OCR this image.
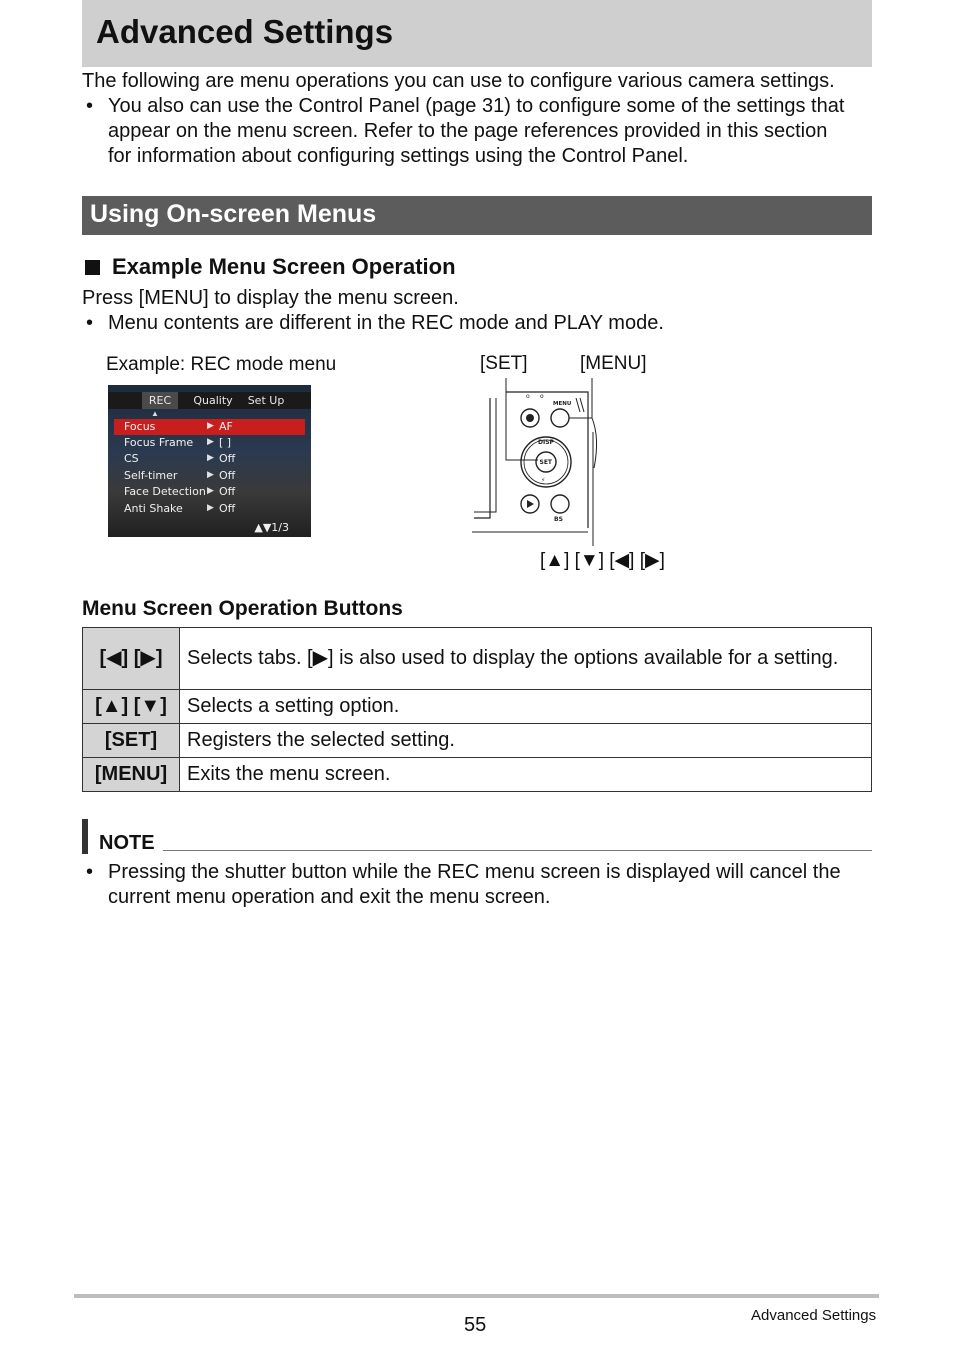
Advanced Settings
The following are menu operations you can use to configure various camera settings.
• You also can use the Control Panel (page 31) to configure some of the settings that
appear on the menu screen. Refer to the page references provided in this section
for information about configuring settings using the Control Panel.
Using On-screen Menus
Example Menu Screen Operation
Press [MENU] to display the menu screen.
• Menu contents are different in the REC mode and PLAY mode.
Example: REC mode menu	[SET]	[MENU]
[▲] [▼] [◀] [▶]
REC	Quality	Set Up
▲
Focus	▶ AF
Focus Frame ▶ [ ]
CS	▶ Off
Self-timer	▶ Off
Face Detection ▶ Off
Anti Shake	▶ Off
▲▼1/3
o o
MENU
DISP
SET
⚡
BS
Menu Screen Operation Buttons
[◀] [▶]	Selects tabs. [▶] is also used to display the options available for a setting.
[▲] [▼]	Selects a setting option.
[SET]	Registers the selected setting.
[MENU]	Exits the menu screen.
NOTE
• Pressing the shutter button while the REC menu screen is displayed will cancel the
current menu operation and exit the menu screen.
55	Advanced Settings
